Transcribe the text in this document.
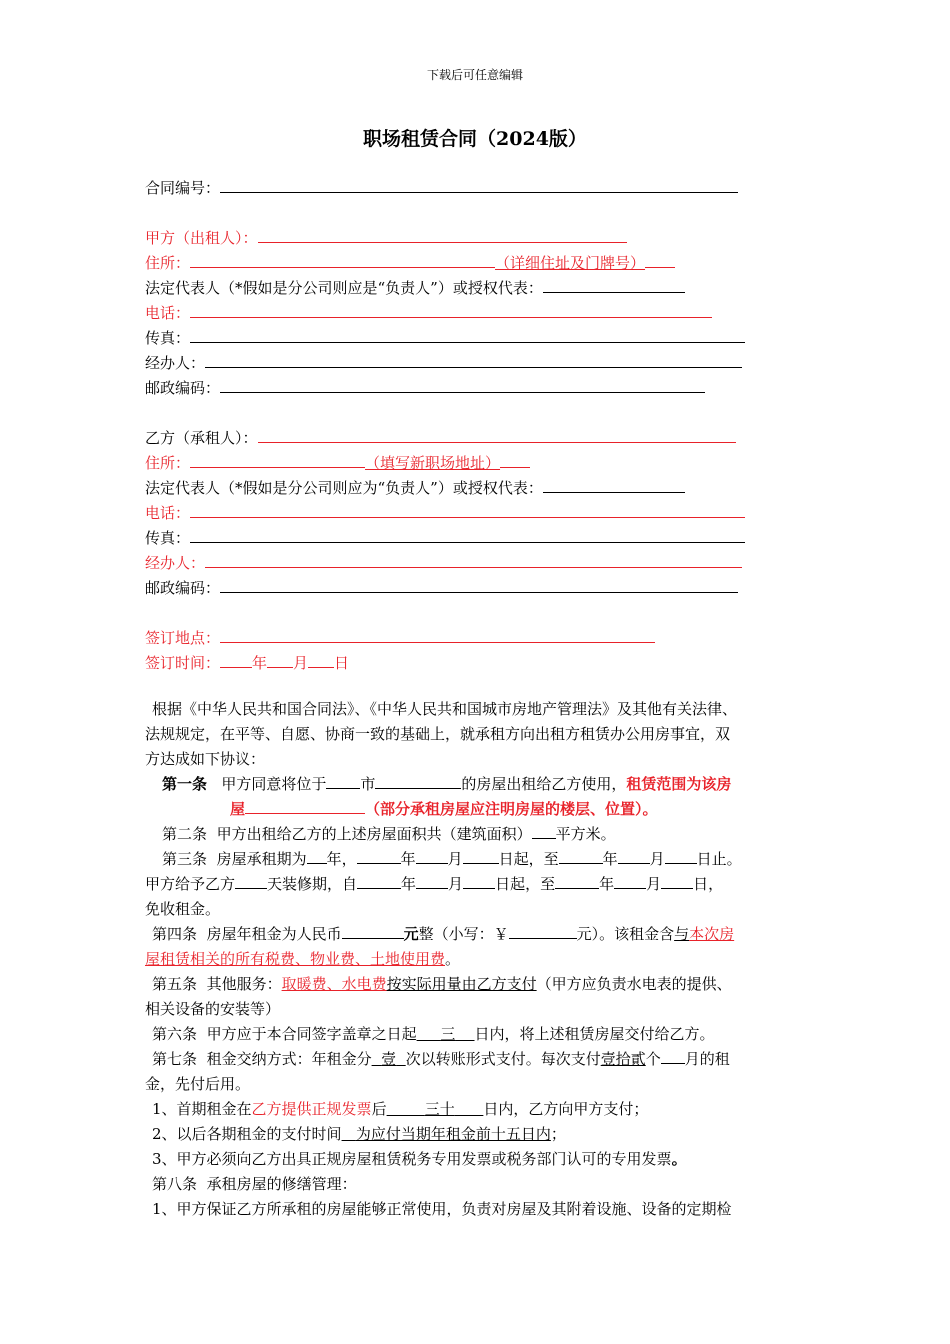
下载后可任意编辑
职场租赁合同（2024版）
合同编号：
甲方（出租人）：
住所：	（详细住址及门牌号）
法定代表人（*假如是分公司则应是“负责人”）或授权代表：
电话：
传真：
经办人：
邮政编码：
乙方（承租人）：
住所：	（填写新职场地址）
法定代表人（*假如是分公司则应为“负责人”）或授权代表：
电话：
传真：
经办人：
邮政编码：
签订地点：
签订时间： 年 月 日
根据《中华人民共和国合同法》、《中华人民共和国城市房地产管理法》及其他有关法律、
法规规定，在平等、自愿、协商一致的基础上，就承租方向出租方租赁办公用房事宜，双
方达成如下协议：
第一条 甲方同意将位于 市	的房屋出租给乙方使用，租赁范围为该房
屋	（部分承租房屋应注明房屋的楼层、位置）。
第二条 甲方出租给乙方的上述房屋面积共（建筑面积） 平方米。
第三条 房屋承租期为 年，	年 月 日起，至	年 月 日止。
甲方给予乙方 天装修期，自	年 月 日起，至	年 月 日，
免收租金。
第四条 房屋年租金为人民币	元整（小写：￥	元）。该租金含与本次房
屋租赁相关的所有税费、物业费、土地使用费。
第五条 其他服务：取暖费、水电费按实际用量由乙方支付（甲方应负责水电表的提供、
相关设备的安装等）
第六条 甲方应于本合同签字盖章之日起 三 日内，将上述租赁房屋交付给乙方。
第七条 租金交纳方式：年租金分 壹 次以转账形式支付。每次支付壹拾貳个 月的租
金，先付后用。
1、首期租金在乙方提供正规发票后	三十 日内，乙方向甲方支付；
2、以后各期租金的支付时间 为应付当期年租金前十五日内；
3、甲方必须向乙方出具正规房屋租赁税务专用发票或税务部门认可的专用发票。
第八条 承租房屋的修缮管理：
1、甲方保证乙方所承租的房屋能够正常使用，负责对房屋及其附着设施、设备的定期检
